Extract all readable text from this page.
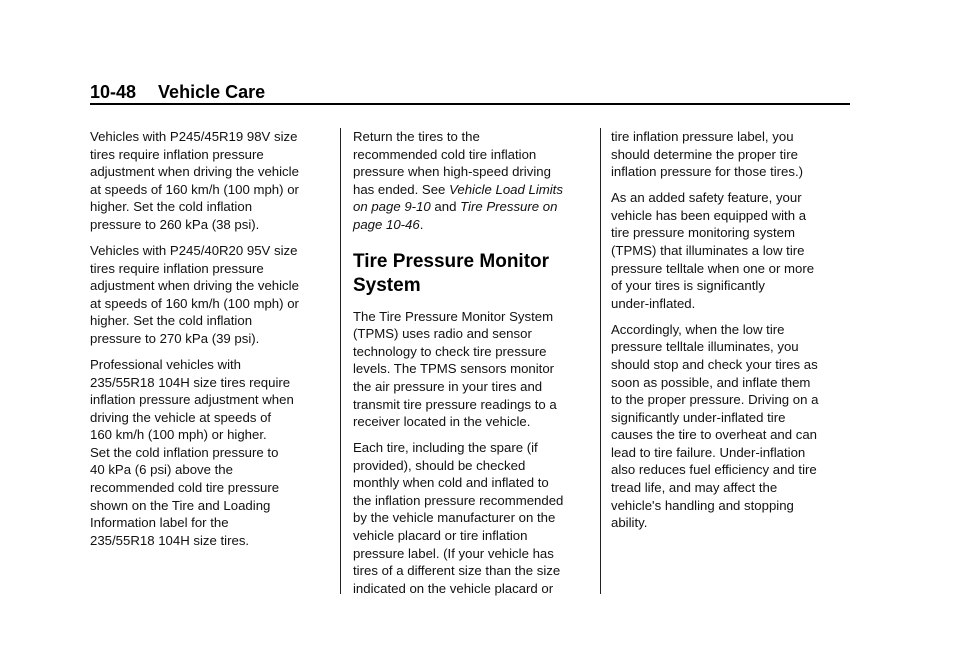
10-48 Vehicle Care

Vehicles with P245/45R19 98V size
tires require inflation pressure
adjustment when driving the vehicle
at speeds of 160 km/h (100 mph) or
higher. Set the cold inflation
pressure to 260 kPa (38 psi).

Vehicles with P245/40R20 95V size
tires require inflation pressure
adjustment when driving the vehicle
at speeds of 160 km/h (100 mph) or
higher. Set the cold inflation
pressure to 270 kPa (39 psi).

Professional vehicles with
235/55R18 104H size tires require
inflation pressure adjustment when
driving the vehicle at speeds of
160 km/h (100 mph) or higher.
Set the cold inflation pressure to
40 kPa (6 psi) above the
recommended cold tire pressure
shown on the Tire and Loading
Information label for the
235/55R18 104H size tires.

Return the tires to the
recommended cold tire inflation
pressure when high-speed driving
has ended. See Vehicle Load Limits
on page 9-10 and Tire Pressure on
page 10-46.

Tire Pressure Monitor
System

The Tire Pressure Monitor System
(TPMS) uses radio and sensor
technology to check tire pressure
levels. The TPMS sensors monitor
the air pressure in your tires and
transmit tire pressure readings to a
receiver located in the vehicle.

Each tire, including the spare (if
provided), should be checked
monthly when cold and inflated to
the inflation pressure recommended
by the vehicle manufacturer on the
vehicle placard or tire inflation
pressure label. (If your vehicle has
tires of a different size than the size
indicated on the vehicle placard or

tire inflation pressure label, you
should determine the proper tire
inflation pressure for those tires.)

As an added safety feature, your
vehicle has been equipped with a
tire pressure monitoring system
(TPMS) that illuminates a low tire
pressure telltale when one or more
of your tires is significantly
under-inflated.

Accordingly, when the low tire
pressure telltale illuminates, you
should stop and check your tires as
soon as possible, and inflate them
to the proper pressure. Driving on a
significantly under-inflated tire
causes the tire to overheat and can
lead to tire failure. Under-inflation
also reduces fuel efficiency and tire
tread life, and may affect the
vehicle's handling and stopping
ability.
